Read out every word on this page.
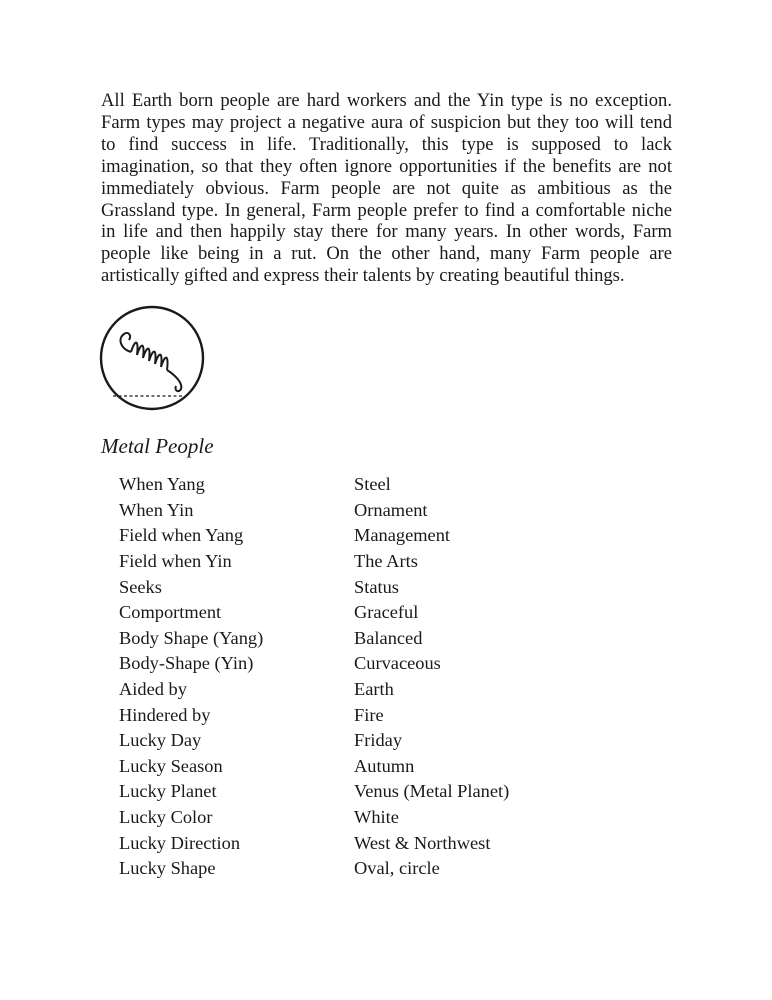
All Earth born people are hard workers and the Yin type is no exception. Farm types may project a negative aura of suspicion but they too will tend to find success in life. Traditionally, this type is supposed to lack imagination, so that they often ignore opportunities if the benefits are not immediately obvious. Farm people are not quite as ambitious as the Grassland type. In general, Farm people prefer to find a comfortable niche in life and then happily stay there for many years. In other words, Farm people like being in a rut. On the other hand, many Farm people are artistically gifted and express their talents by creating beautiful things.

Metal People
When Yang	Steel
When Yin	Ornament
Field when Yang	Management
Field when Yin	The Arts
Seeks	Status
Comportment	Graceful
Body Shape (Yang)	Balanced
Body-Shape (Yin)	Curvaceous
Aided by	Earth
Hindered by	Fire
Lucky Day	Friday
Lucky Season	Autumn
Lucky Planet	Venus (Metal Planet)
Lucky Color	White
Lucky Direction	West & Northwest
Lucky Shape	Oval, circle
